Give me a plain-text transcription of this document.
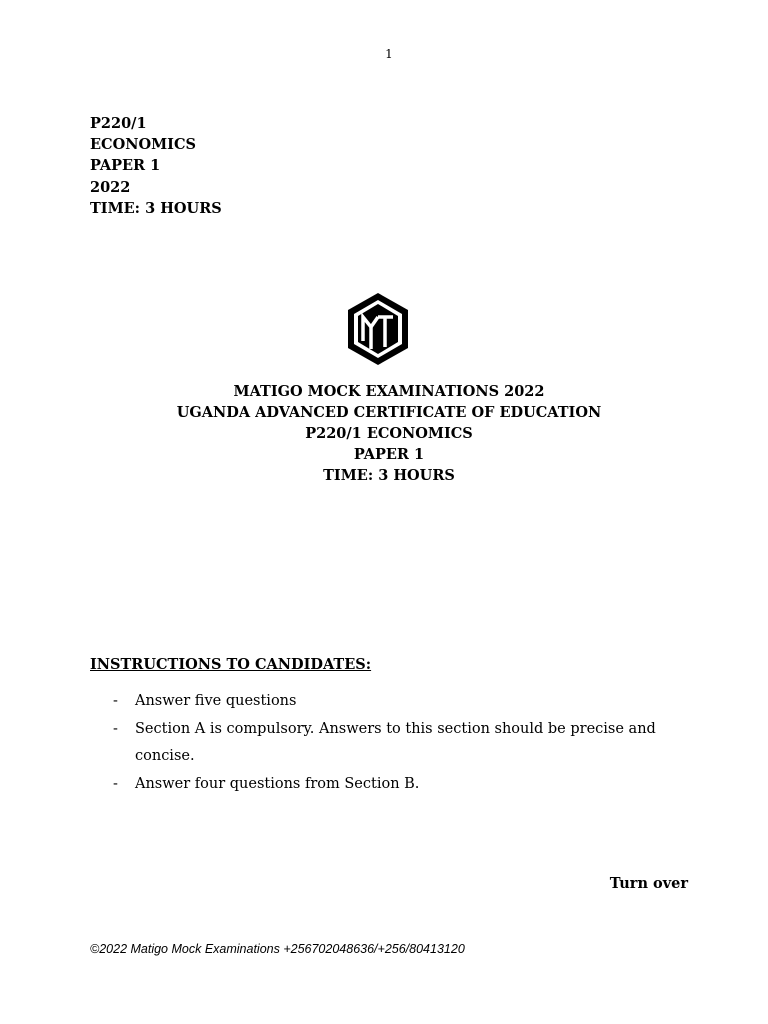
1
P220/1
ECONOMICS
PAPER 1
2022
TIME: 3 HOURS
MATIGO MOCK EXAMINATIONS 2022
UGANDA ADVANCED CERTIFICATE OF EDUCATION
P220/1 ECONOMICS
PAPER 1
TIME: 3 HOURS
INSTRUCTIONS TO CANDIDATES:
- Answer five questions
- Section A is compulsory. Answers to this section should be precise and concise.
- Answer four questions from Section B.
Turn over
©2022 Matigo Mock Examinations +256702048636/+256/80413120
